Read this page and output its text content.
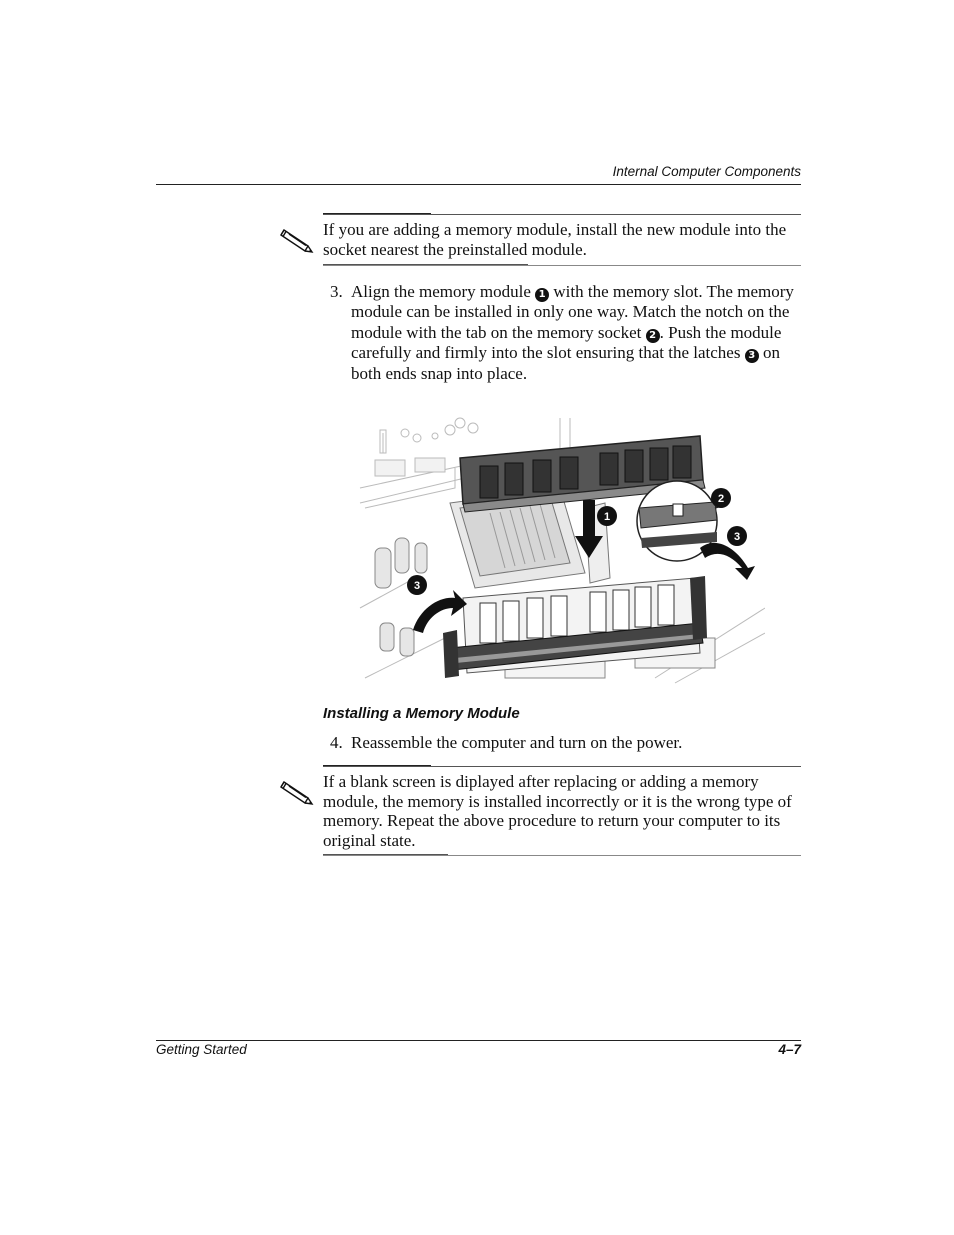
Internal Computer Components
If you are adding a memory module, install the new module into the socket nearest the preinstalled module.
3. Align the memory module 1 with the memory slot. The memory module can be installed in only one way. Match the notch on the module with the tab on the memory socket 2 . Push the module carefully and firmly into the slot ensuring that the latches 3 on both ends snap into place.
1
2
3
3
Installing a Memory Module
4. Reassemble the computer and turn on the power.
If a blank screen is diplayed after replacing or adding a memory module, the memory is installed incorrectly or it is the wrong type of memory. Repeat the above procedure to return your computer to its original state.
Getting Started	4–7
